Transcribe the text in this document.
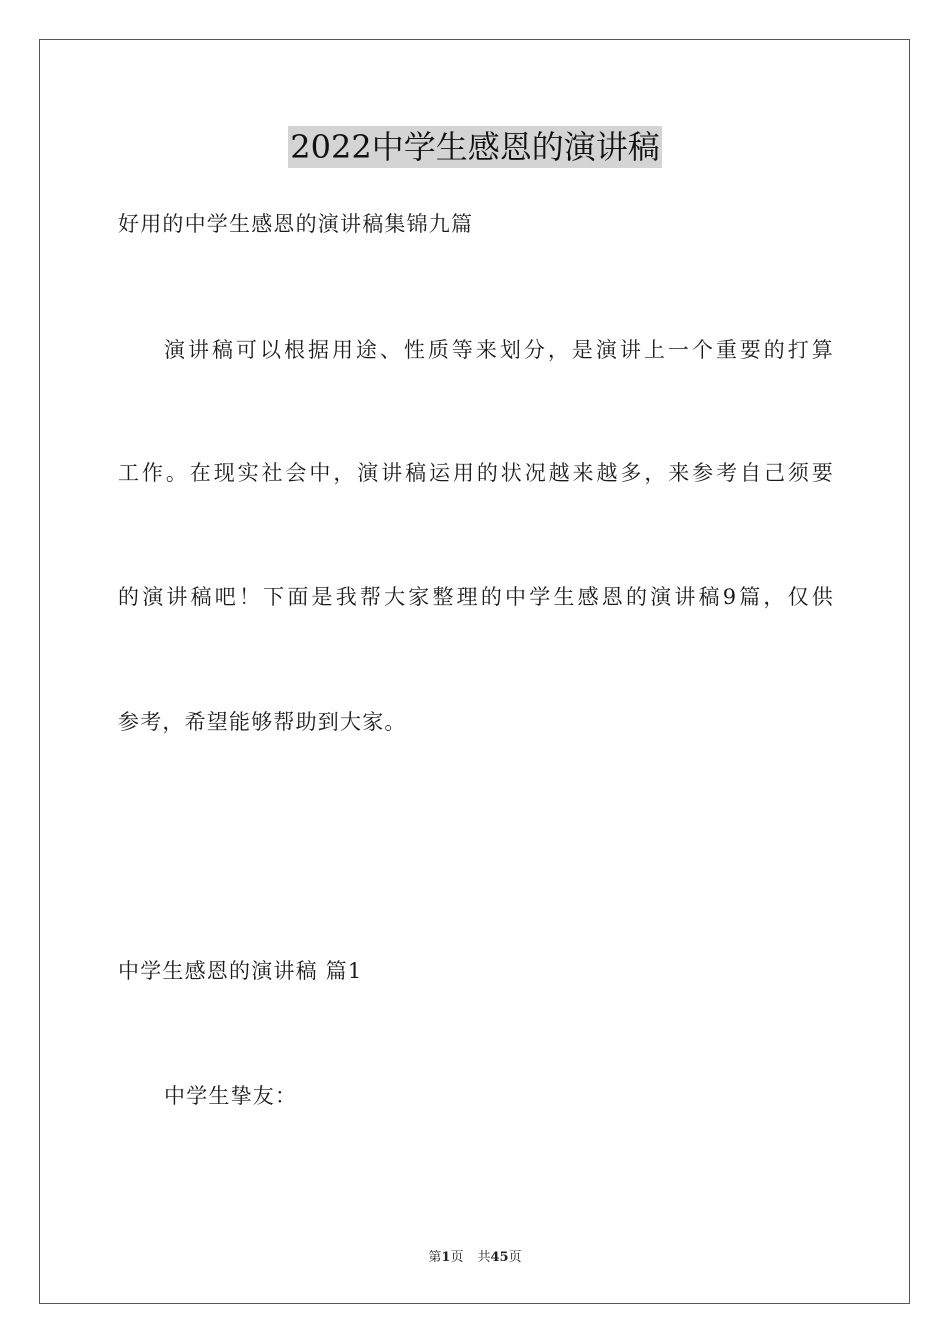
2022中学生感恩的演讲稿
好用的中学生感恩的演讲稿集锦九篇
演讲稿可以根据用途、性质等来划分，是演讲上一个重要的打算
工作。在现实社会中，演讲稿运用的状况越来越多，来参考自己须要
的演讲稿吧！下面是我帮大家整理的中学生感恩的演讲稿9篇，仅供
参考，希望能够帮助到大家。
中学生感恩的演讲稿 篇1
中学生挚友：
第1页 共45页
